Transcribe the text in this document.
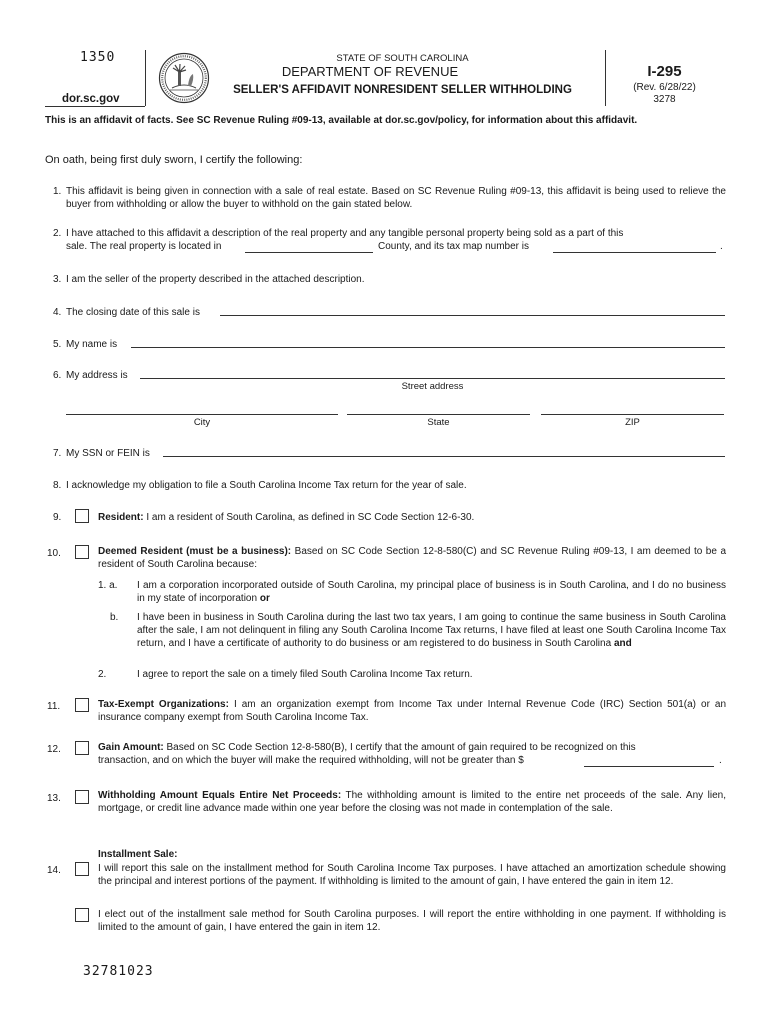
1350
dor.sc.gov
STATE OF SOUTH CAROLINA
DEPARTMENT OF REVENUE
SELLER'S AFFIDAVIT NONRESIDENT SELLER WITHHOLDING
I-295
(Rev. 6/28/22)
3278
This is an affidavit of facts. See SC Revenue Ruling #09-13, available at dor.sc.gov/policy, for information about this affidavit.
On oath, being first duly sworn, I certify the following:
1. This affidavit is being given in connection with a sale of real estate. Based on SC Revenue Ruling #09-13, this affidavit is being used to relieve the buyer from withholding or allow the buyer to withhold on the gain stated below.
2. I have attached to this affidavit a description of the real property and any tangible personal property being sold as a part of this
sale. The real property is located in	County, and its tax map number is	.
3. I am the seller of the property described in the attached description.
4. The closing date of this sale is
5. My name is
6. My address is
Street address
City	State	ZIP
7. My SSN or FEIN is
8. I acknowledge my obligation to file a South Carolina Income Tax return for the year of sale.
9.	Resident: I am a resident of South Carolina, as defined in SC Code Section 12-6-30.
10.	Deemed Resident (must be a business): Based on SC Code Section 12-8-580(C) and SC Revenue Ruling #09-13, I am deemed to be a resident of South Carolina because:
1. a. I am a corporation incorporated outside of South Carolina, my principal place of business is in South Carolina, and I do no business in my state of incorporation or
b. I have been in business in South Carolina during the last two tax years, I am going to continue the same business in South Carolina after the sale, I am not delinquent in filing any South Carolina Income Tax returns, I have filed at least one South Carolina Income Tax return, and I have a certificate of authority to do business or am registered to do business in South Carolina and
2.	I agree to report the sale on a timely filed South Carolina Income Tax return.
11.	Tax-Exempt Organizations: I am an organization exempt from Income Tax under Internal Revenue Code (IRC) Section 501(a) or an insurance company exempt from South Carolina Income Tax.
12.	Gain Amount: Based on SC Code Section 12-8-580(B), I certify that the amount of gain required to be recognized on this
transaction, and on which the buyer will make the required withholding, will not be greater than $	.
13.	Withholding Amount Equals Entire Net Proceeds: The withholding amount is limited to the entire net proceeds of the sale. Any lien, mortgage, or credit line advance made within one year before the closing was not made in contemplation of the sale.
Installment Sale:
14.	I will report this sale on the installment method for South Carolina Income Tax purposes. I have attached an amortization schedule showing the principal and interest portions of the payment. If withholding is limited to the amount of gain, I have entered the gain in item 12.
I elect out of the installment sale method for South Carolina purposes. I will report the entire withholding in one payment. If withholding is limited to the amount of gain, I have entered the gain in item 12.
32781023
